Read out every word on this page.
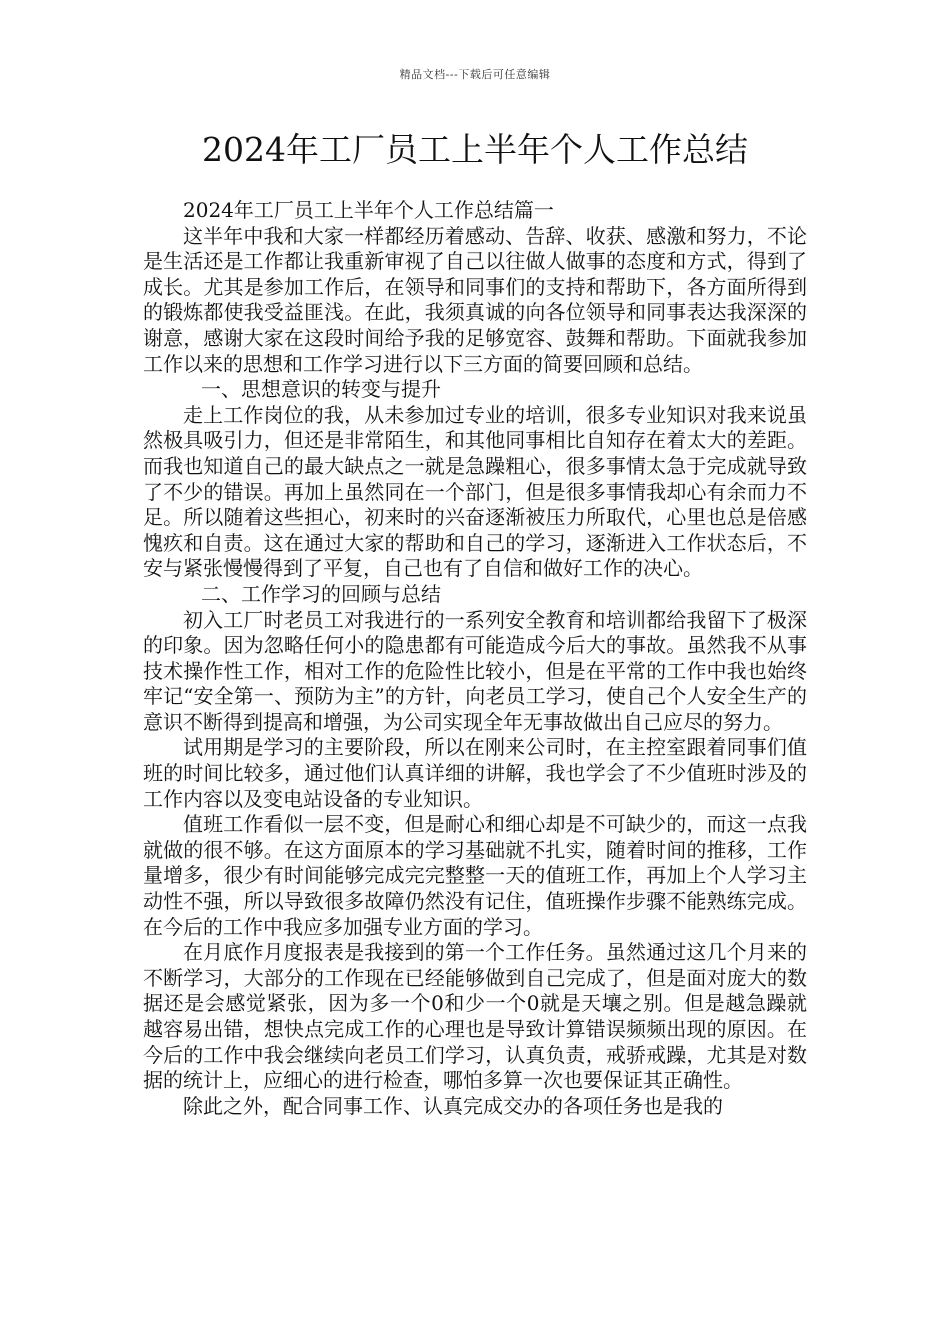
精品文档---下载后可任意编辑
2024年工厂员工上半年个人工作总结

2024年工厂员工上半年个人工作总结篇一

这半年中我和大家一样都经历着感动、告辞、收获、感激和努力，不论是生活还是工作都让我重新审视了自己以往做人做事的态度和方式，得到了成长。尤其是参加工作后，在领导和同事们的支持和帮助下，各方面所得到的锻炼都使我受益匪浅。在此，我须真诚的向各位领导和同事表达我深深的谢意，感谢大家在这段时间给予我的足够宽容、鼓舞和帮助。下面就我参加工作以来的思想和工作学习进行以下三方面的简要回顾和总结。

一、思想意识的转变与提升

走上工作岗位的我，从未参加过专业的培训，很多专业知识对我来说虽然极具吸引力，但还是非常陌生，和其他同事相比自知存在着太大的差距。而我也知道自己的最大缺点之一就是急躁粗心，很多事情太急于完成就导致了不少的错误。再加上虽然同在一个部门，但是很多事情我却心有余而力不足。所以随着这些担心，初来时的兴奋逐渐被压力所取代，心里也总是倍感愧疚和自责。这在通过大家的帮助和自己的学习，逐渐进入工作状态后，不安与紧张慢慢得到了平复，自己也有了自信和做好工作的决心。

二、工作学习的回顾与总结

初入工厂时老员工对我进行的一系列安全教育和培训都给我留下了极深的印象。因为忽略任何小的隐患都有可能造成今后大的事故。虽然我不从事技术操作性工作，相对工作的危险性比较小，但是在平常的工作中我也始终牢记“安全第一、预防为主”的方针，向老员工学习，使自己个人安全生产的意识不断得到提高和增强，为公司实现全年无事故做出自己应尽的努力。

试用期是学习的主要阶段，所以在刚来公司时，在主控室跟着同事们值班的时间比较多，通过他们认真详细的讲解，我也学会了不少值班时涉及的工作内容以及变电站设备的专业知识。

值班工作看似一层不变，但是耐心和细心却是不可缺少的，而这一点我就做的很不够。在这方面原本的学习基础就不扎实，随着时间的推移，工作量增多，很少有时间能够完成完完整整一天的值班工作，再加上个人学习主动性不强，所以导致很多故障仍然没有记住，值班操作步骤不能熟练完成。在今后的工作中我应多加强专业方面的学习。

在月底作月度报表是我接到的第一个工作任务。虽然通过这几个月来的不断学习，大部分的工作现在已经能够做到自己完成了，但是面对庞大的数据还是会感觉紧张，因为多一个0和少一个0就是天壤之别。但是越急躁就越容易出错，想快点完成工作的心理也是导致计算错误频频出现的原因。在今后的工作中我会继续向老员工们学习，认真负责，戒骄戒躁，尤其是对数据的统计上，应细心的进行检查，哪怕多算一次也要保证其正确性。

除此之外，配合同事工作、认真完成交办的各项任务也是我的
